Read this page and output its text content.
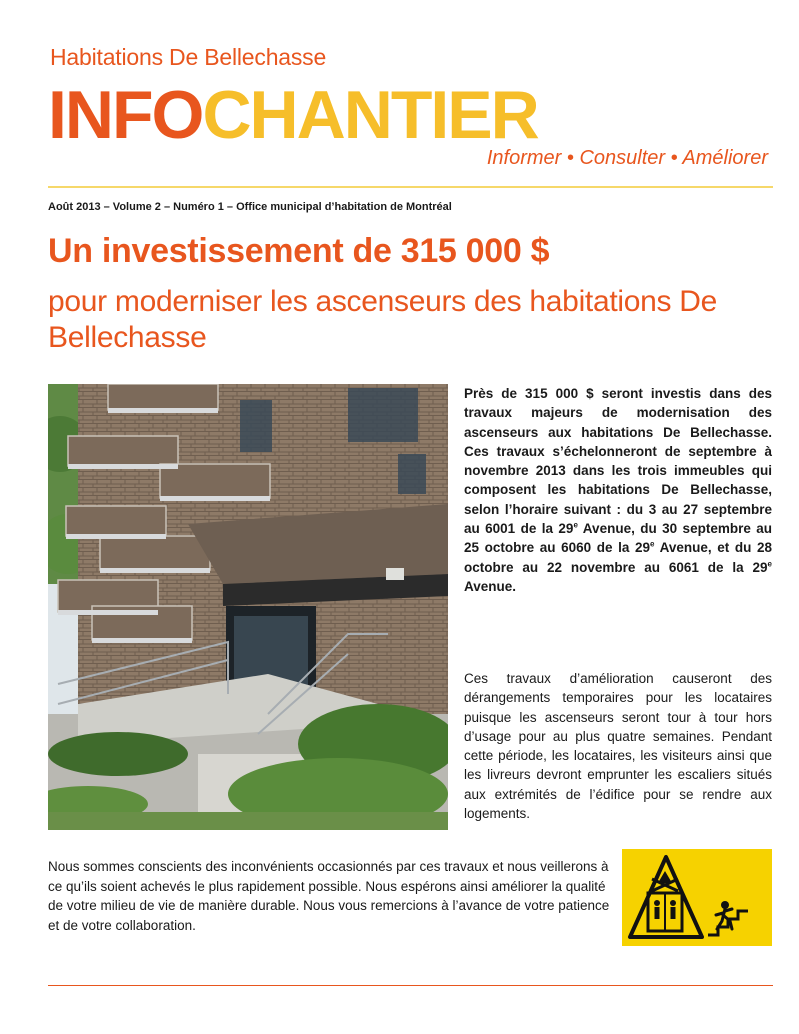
Habitations De Bellechasse
INFOCHANTIER
Informer • Consulter • Améliorer
Août 2013 – Volume 2 – Numéro 1 – Office municipal d’habitation de Montréal
Un investissement de 315 000 $
pour moderniser les ascenseurs des habitations De Bellechasse
Près de 315 000 $ seront investis dans des travaux majeurs de modernisation des ascenseurs aux habitations De Bellechasse. Ces travaux s’échelonneront de septembre à novembre 2013 dans les trois immeubles qui composent les habitations De Bellechasse, selon l’horaire suivant : du 3 au 27 septembre au 6001 de la 29e Avenue, du 30 septembre au 25 octobre au 6060 de la 29e Avenue, et du 28 octobre au 22 novembre au 6061 de la 29e Avenue.
Ces travaux d’amélioration causeront des dérangements temporaires pour les locataires puisque les ascenseurs seront tour à tour hors d’usage pour au plus quatre semaines. Pendant cette période, les locataires, les visiteurs ainsi que les livreurs devront emprunter les escaliers situés aux extrémités de l’édifice pour se rendre aux logements.
Nous sommes conscients des inconvénients occasionnés par ces travaux et nous veillerons à ce qu’ils soient achevés le plus rapidement possible. Nous espérons ainsi améliorer la qualité de votre milieu de vie de manière durable. Nous vous remercions à l’avance de votre patience et de votre collaboration.
